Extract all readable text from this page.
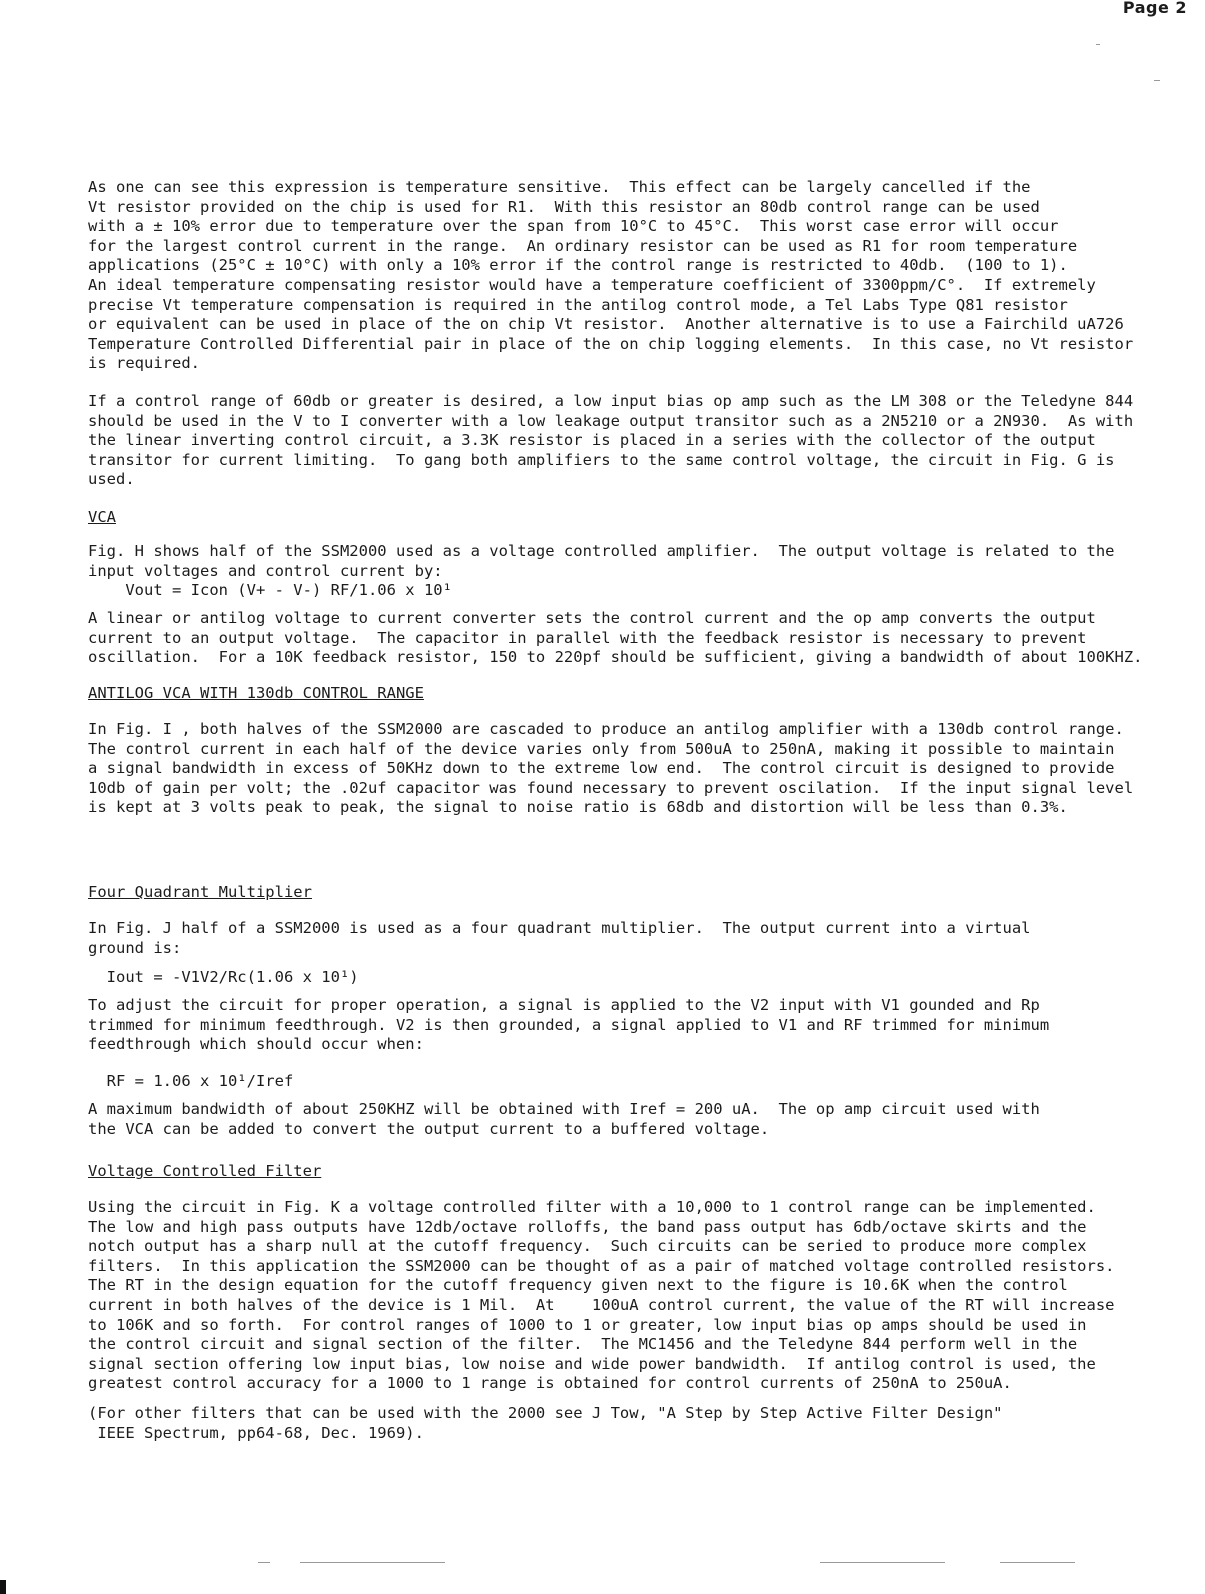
Page 2
As one can see this expression is temperature sensitive.  This effect can be largely cancelled if the
Vt resistor provided on the chip is used for R1.  With this resistor an 80db control range can be used
with a ± 10% error due to temperature over the span from 10°C to 45°C.  This worst case error will occur
for the largest control current in the range.  An ordinary resistor can be used as R1 for room temperature
applications (25°C ± 10°C) with only a 10% error if the control range is restricted to 40db.  (100 to 1).
An ideal temperature compensating resistor would have a temperature coefficient of 3300ppm/C°.  If extremely
precise Vt temperature compensation is required in the antilog control mode, a Tel Labs Type Q81 resistor
or equivalent can be used in place of the on chip Vt resistor.  Another alternative is to use a Fairchild uA726
Temperature Controlled Differential pair in place of the on chip logging elements.  In this case, no Vt resistor
is required.
If a control range of 60db or greater is desired, a low input bias op amp such as the LM 308 or the Teledyne 844
should be used in the V to I converter with a low leakage output transitor such as a 2N5210 or a 2N930.  As with
the linear inverting control circuit, a 3.3K resistor is placed in a series with the collector of the output
transitor for current limiting.  To gang both amplifiers to the same control voltage, the circuit in Fig. G is
used.
VCA
Fig. H shows half of the SSM2000 used as a voltage controlled amplifier.  The output voltage is related to the
input voltages and control current by:
Vout = Icon (V+ - V-) RF/1.06 x 10¹
A linear or antilog voltage to current converter sets the control current and the op amp converts the output
current to an output voltage.  The capacitor in parallel with the feedback resistor is necessary to prevent
oscillation.  For a 10K feedback resistor, 150 to 220pf should be sufficient, giving a bandwidth of about 100KHZ.
ANTILOG VCA WITH 130db CONTROL RANGE
In Fig. I , both halves of the SSM2000 are cascaded to produce an antilog amplifier with a 130db control range.
The control current in each half of the device varies only from 500uA to 250nA, making it possible to maintain
a signal bandwidth in excess of 50KHz down to the extreme low end.  The control circuit is designed to provide
10db of gain per volt; the .02uf capacitor was found necessary to prevent oscilation.  If the input signal level
is kept at 3 volts peak to peak, the signal to noise ratio is 68db and distortion will be less than 0.3%.
Four Quadrant Multiplier
In Fig. J half of a SSM2000 is used as a four quadrant multiplier.  The output current into a virtual
ground is:
Iout = -V1V2/Rc(1.06 x 10¹)
To adjust the circuit for proper operation, a signal is applied to the V2 input with V1 gounded and Rp
trimmed for minimum feedthrough. V2 is then grounded, a signal applied to V1 and RF trimmed for minimum
feedthrough which should occur when:
RF = 1.06 x 10¹/Iref
A maximum bandwidth of about 250KHZ will be obtained with Iref = 200 uA.  The op amp circuit used with
the VCA can be added to convert the output current to a buffered voltage.
Voltage Controlled Filter
Using the circuit in Fig. K a voltage controlled filter with a 10,000 to 1 control range can be implemented.
The low and high pass outputs have 12db/octave rolloffs, the band pass output has 6db/octave skirts and the
notch output has a sharp null at the cutoff frequency.  Such circuits can be seried to produce more complex
filters.  In this application the SSM2000 can be thought of as a pair of matched voltage controlled resistors.
The RT in the design equation for the cutoff frequency given next to the figure is 10.6K when the control
current in both halves of the device is 1 Mil.  At    100uA control current, the value of the RT will increase
to 106K and so forth.  For control ranges of 1000 to 1 or greater, low input bias op amps should be used in
the control circuit and signal section of the filter.  The MC1456 and the Teledyne 844 perform well in the
signal section offering low input bias, low noise and wide power bandwidth.  If antilog control is used, the
greatest control accuracy for a 1000 to 1 range is obtained for control currents of 250nA to 250uA.
(For other filters that can be used with the 2000 see J Tow, "A Step by Step Active Filter Design"
IEEE Spectrum, pp64-68, Dec. 1969).
